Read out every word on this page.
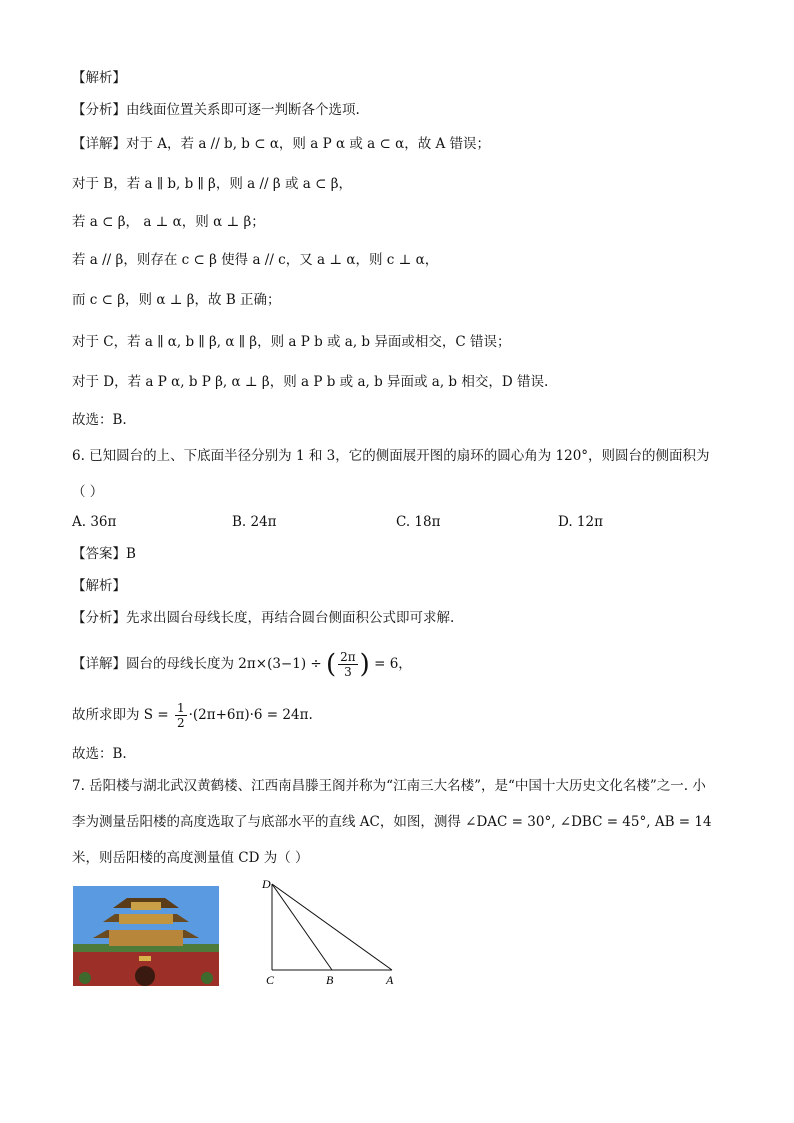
【解析】
【分析】由线面位置关系即可逐一判断各个选项.
【详解】对于 A，若 a // b, b ⊂ α，则 a P α 或 a ⊂ α，故 A 错误；
对于 B，若 a ∥ b, b ∥ β，则 a // β 或 a ⊂ β，
若 a ⊂ β， a ⊥ α，则 α ⊥ β；
若 a // β，则存在 c ⊂ β 使得 a // c，又 a ⊥ α，则 c ⊥ α，
而 c ⊂ β，则 α ⊥ β，故 B 正确；
对于 C，若 a ∥ α, b ∥ β, α ∥ β，则 a P b 或 a, b 异面或相交，C 错误；
对于 D，若 a P α, b P β, α ⊥ β，则 a P b 或 a, b 异面或 a, b 相交，D 错误.
故选：B.
6. 已知圆台的上、下底面半径分别为 1 和 3，它的侧面展开图的扇环的圆心角为 120°，则圆台的侧面积为
（ ）
A. 36π	B. 24π	C. 18π	D. 12π
【答案】B
【解析】
【分析】先求出圆台母线长度，再结合圆台侧面积公式即可求解.
【详解】圆台的母线长度为 2π×(3−1) ÷ ( $\frac{2\pi}{3}$ ) = 6，
故所求即为 $S = \frac{1}{2} \cdot(2\pi+6\pi)\cdot 6 = 24\pi$.
故选：B.
7. 岳阳楼与湖北武汉黄鹤楼、江西南昌滕王阁并称为“江南三大名楼”，是“中国十大历史文化名楼”之一. 小
李为测量岳阳楼的高度选取了与底部水平的直线 AC，如图，测得 ∠DAC = 30°, ∠DBC = 45°, AB = 14
米，则岳阳楼的高度测量值 CD 为（ ）
D
C	B	A
